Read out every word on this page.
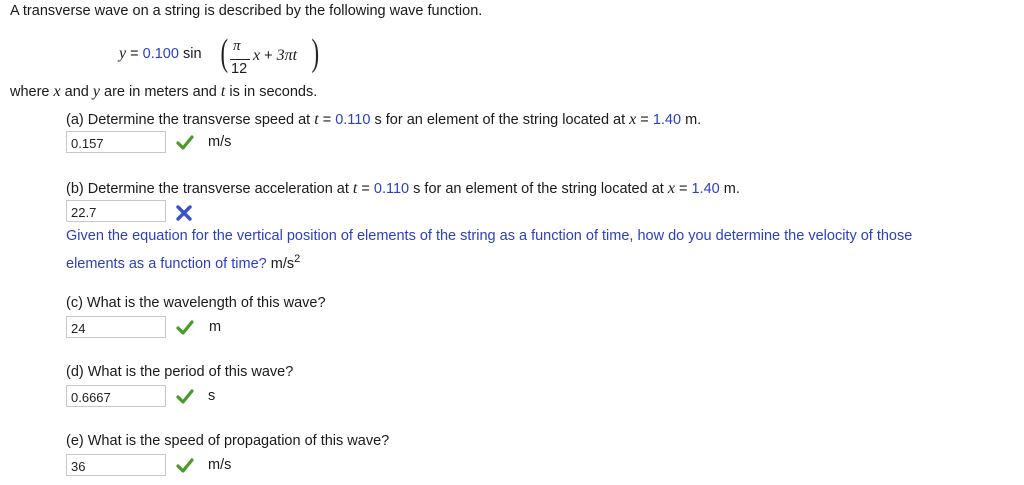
A transverse wave on a string is described by the following wave function.
y = 0.100 sin ( π
12
x + 3πt )
where x and y are in meters and t is in seconds.
(a) Determine the transverse speed at t = 0.110 s for an element of the string located at x = 1.40 m.
0.157	m/s
(b) Determine the transverse acceleration at t = 0.110 s for an element of the string located at x = 1.40 m.
22.7
Given the equation for the vertical position of elements of the string as a function of time, how do you determine the velocity of those
elements as a function of time? $m/s^2$
(c) What is the wavelength of this wave?
24	m
(d) What is the period of this wave?
0.6667	s
(e) What is the speed of propagation of this wave?
36	m/s
